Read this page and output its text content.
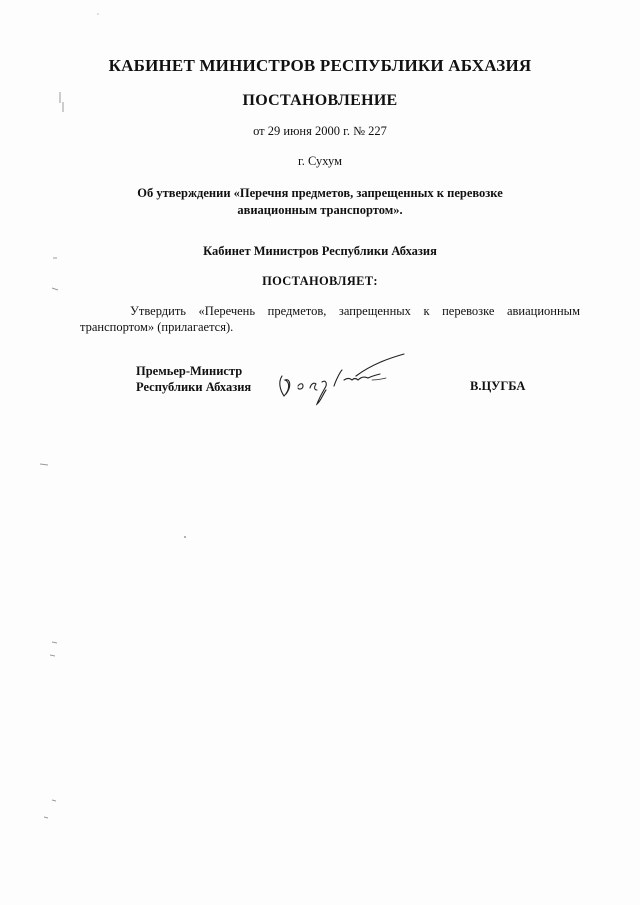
КАБИНЕТ МИНИСТРОВ РЕСПУБЛИКИ АБХАЗИЯ
ПОСТАНОВЛЕНИЕ
от 29 июня 2000 г. № 227
г. Сухум
Об утверждении «Перечня предметов, запрещенных к перевозке
авиационным транспортом».
Кабинет Министров Республики Абхазия
ПОСТАНОВЛЯЕТ:
Утвердить «Перечень предметов, запрещенных к перевозке авиационным
транспортом» (прилагается).
Премьер-Министр
Республики Абхазия	В.ЦУГБА
